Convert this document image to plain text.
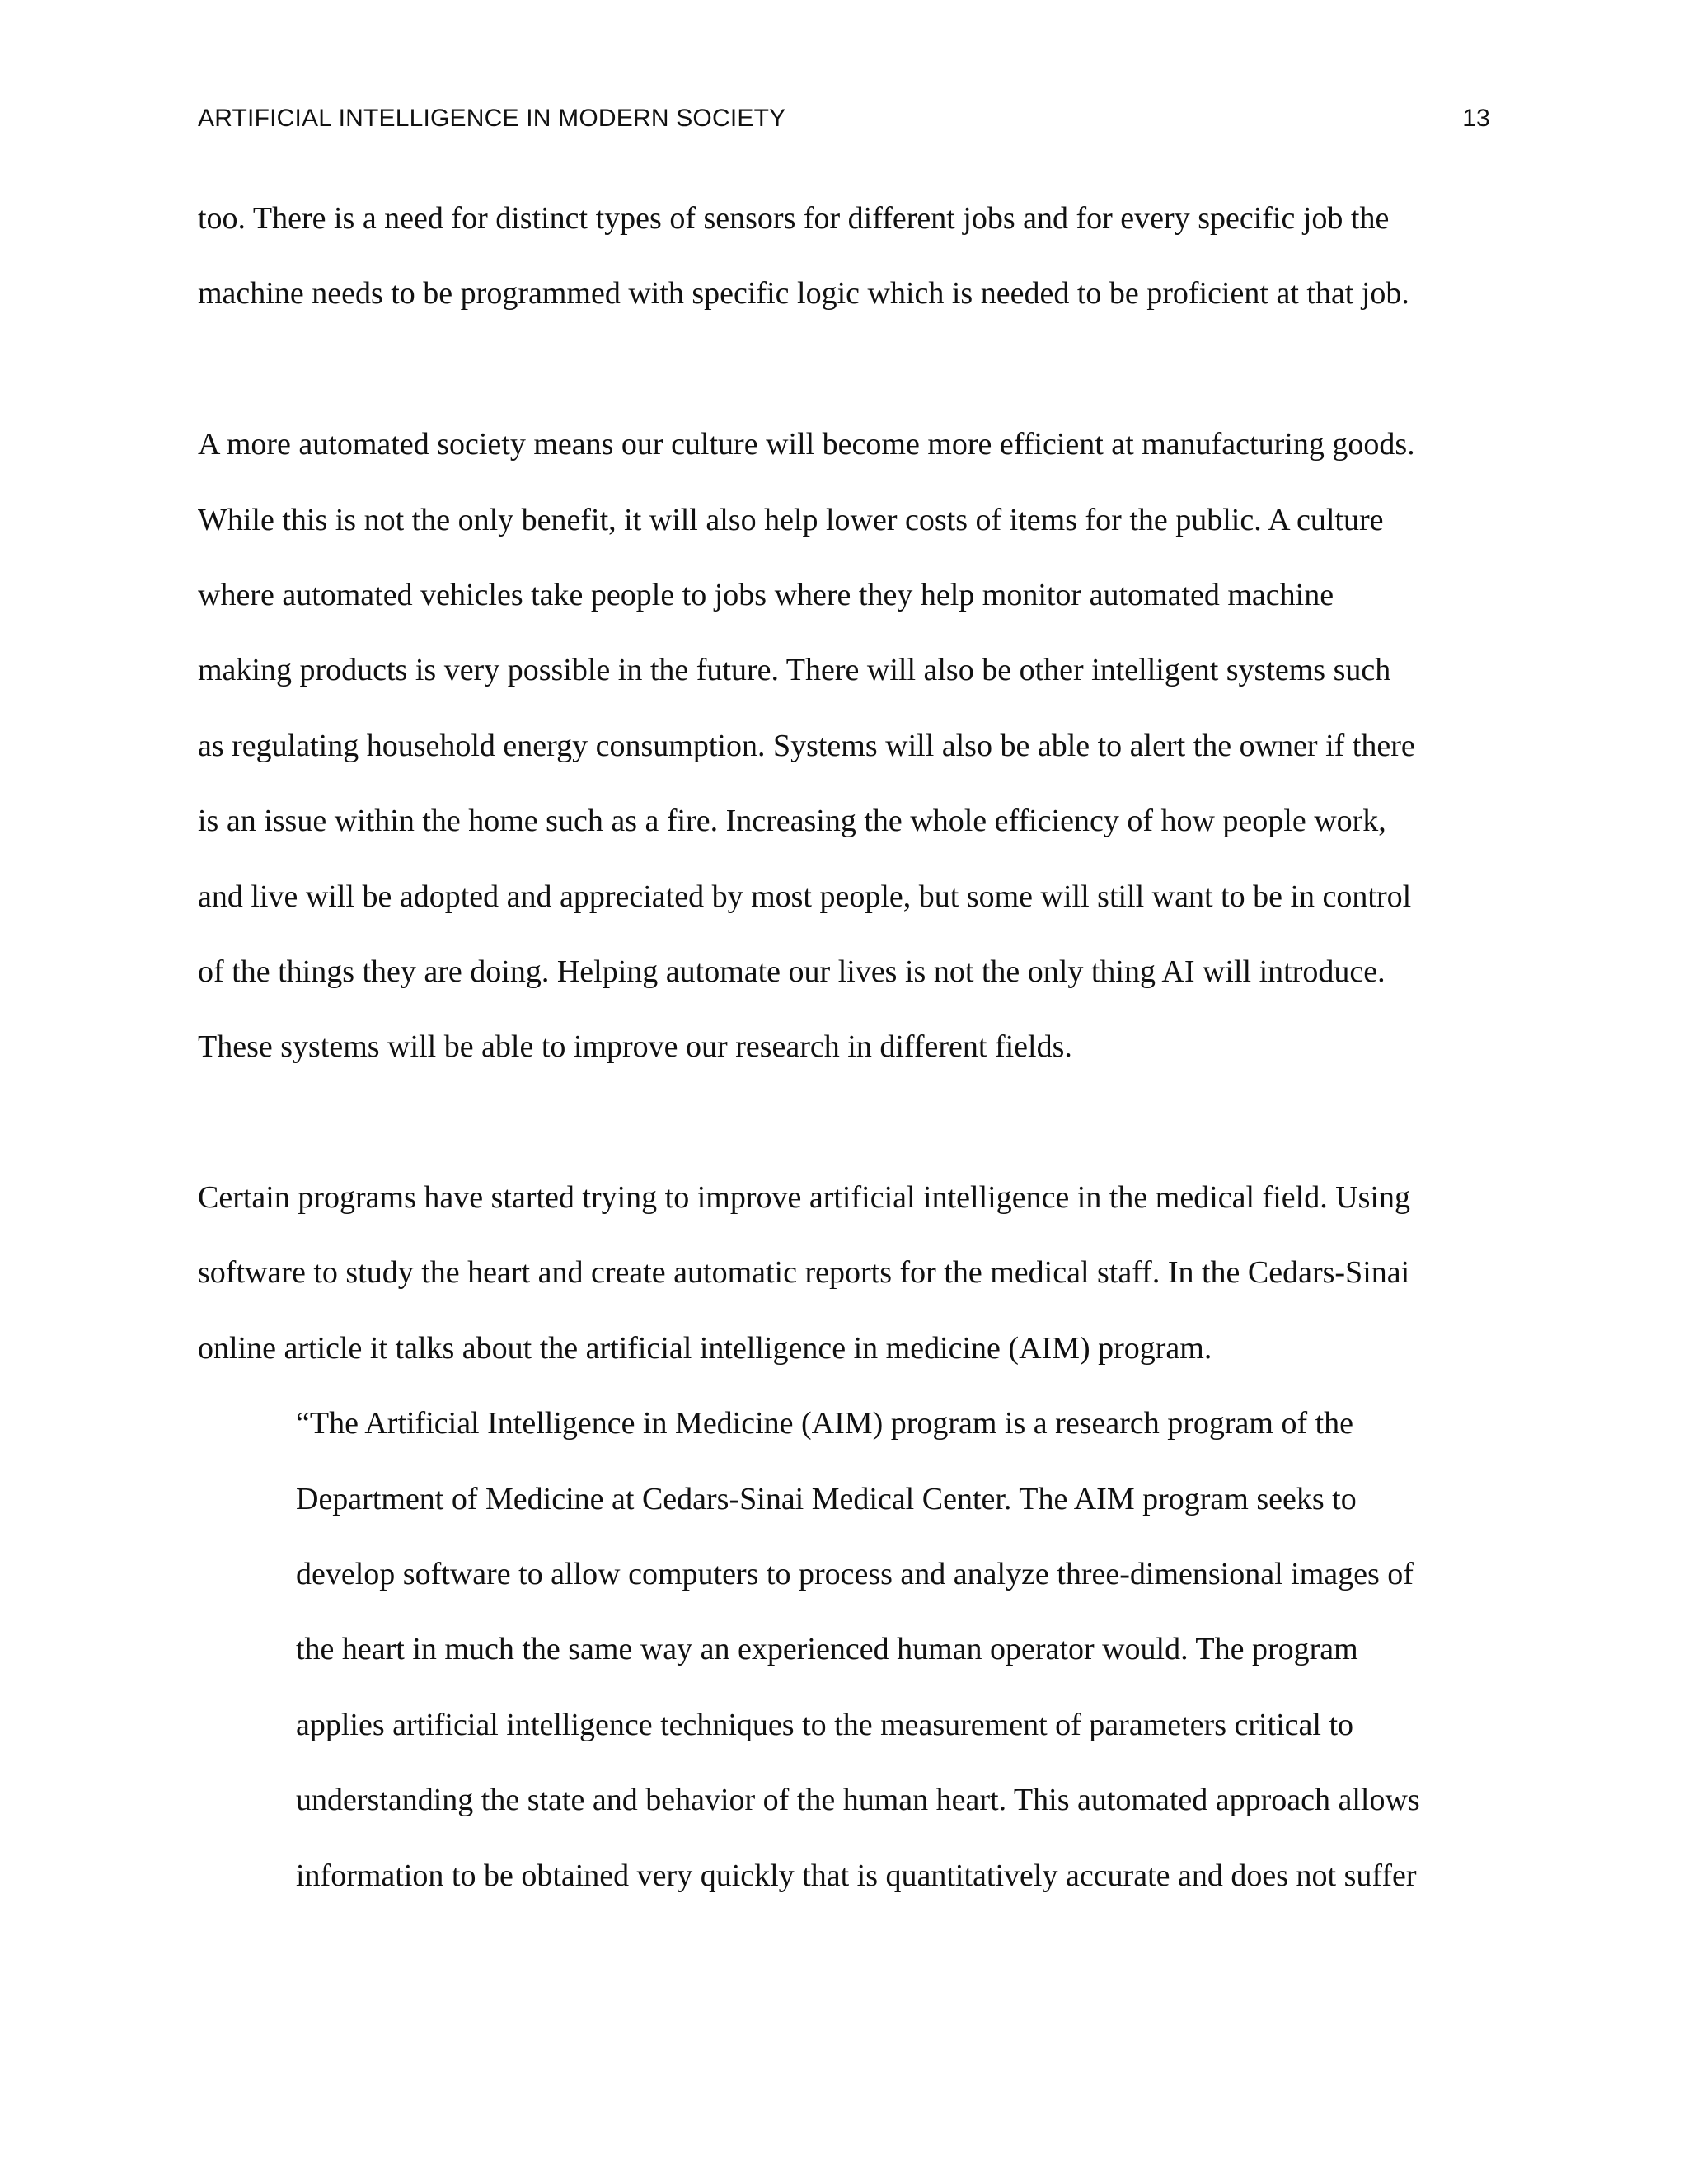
ARTIFICIAL INTELLIGENCE IN MODERN SOCIETY	13
too. There is a need for distinct types of sensors for different jobs and for every specific job the
machine needs to be programmed with specific logic which is needed to be proficient at that job.
A more automated society means our culture will become more efficient at manufacturing goods.
While this is not the only benefit, it will also help lower costs of items for the public. A culture
where automated vehicles take people to jobs where they help monitor automated machine
making products is very possible in the future. There will also be other intelligent systems such
as regulating household energy consumption. Systems will also be able to alert the owner if there
is an issue within the home such as a fire. Increasing the whole efficiency of how people work,
and live will be adopted and appreciated by most people, but some will still want to be in control
of the things they are doing. Helping automate our lives is not the only thing AI will introduce.
These systems will be able to improve our research in different fields.
Certain programs have started trying to improve artificial intelligence in the medical field. Using
software to study the heart and create automatic reports for the medical staff. In the Cedars-Sinai
online article it talks about the artificial intelligence in medicine (AIM) program.
“The Artificial Intelligence in Medicine (AIM) program is a research program of the
Department of Medicine at Cedars-Sinai Medical Center. The AIM program seeks to
develop software to allow computers to process and analyze three-dimensional images of
the heart in much the same way an experienced human operator would. The program
applies artificial intelligence techniques to the measurement of parameters critical to
understanding the state and behavior of the human heart. This automated approach allows
information to be obtained very quickly that is quantitatively accurate and does not suffer
